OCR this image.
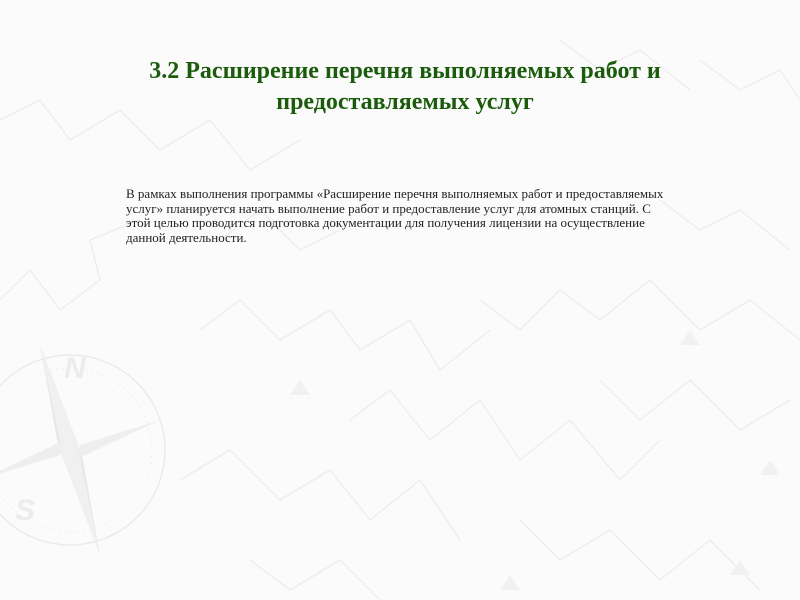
N
S
3.2 Расширение перечня выполняемых работ и предоставляемых услуг
В рамках выполнения программы «Расширение перечня выполняемых работ и предоставляемых услуг» планируется начать выполнение работ и предоставление услуг для атомных станций. С этой целью проводится подготовка документации для получения лицензии на осуществление данной деятельности.
